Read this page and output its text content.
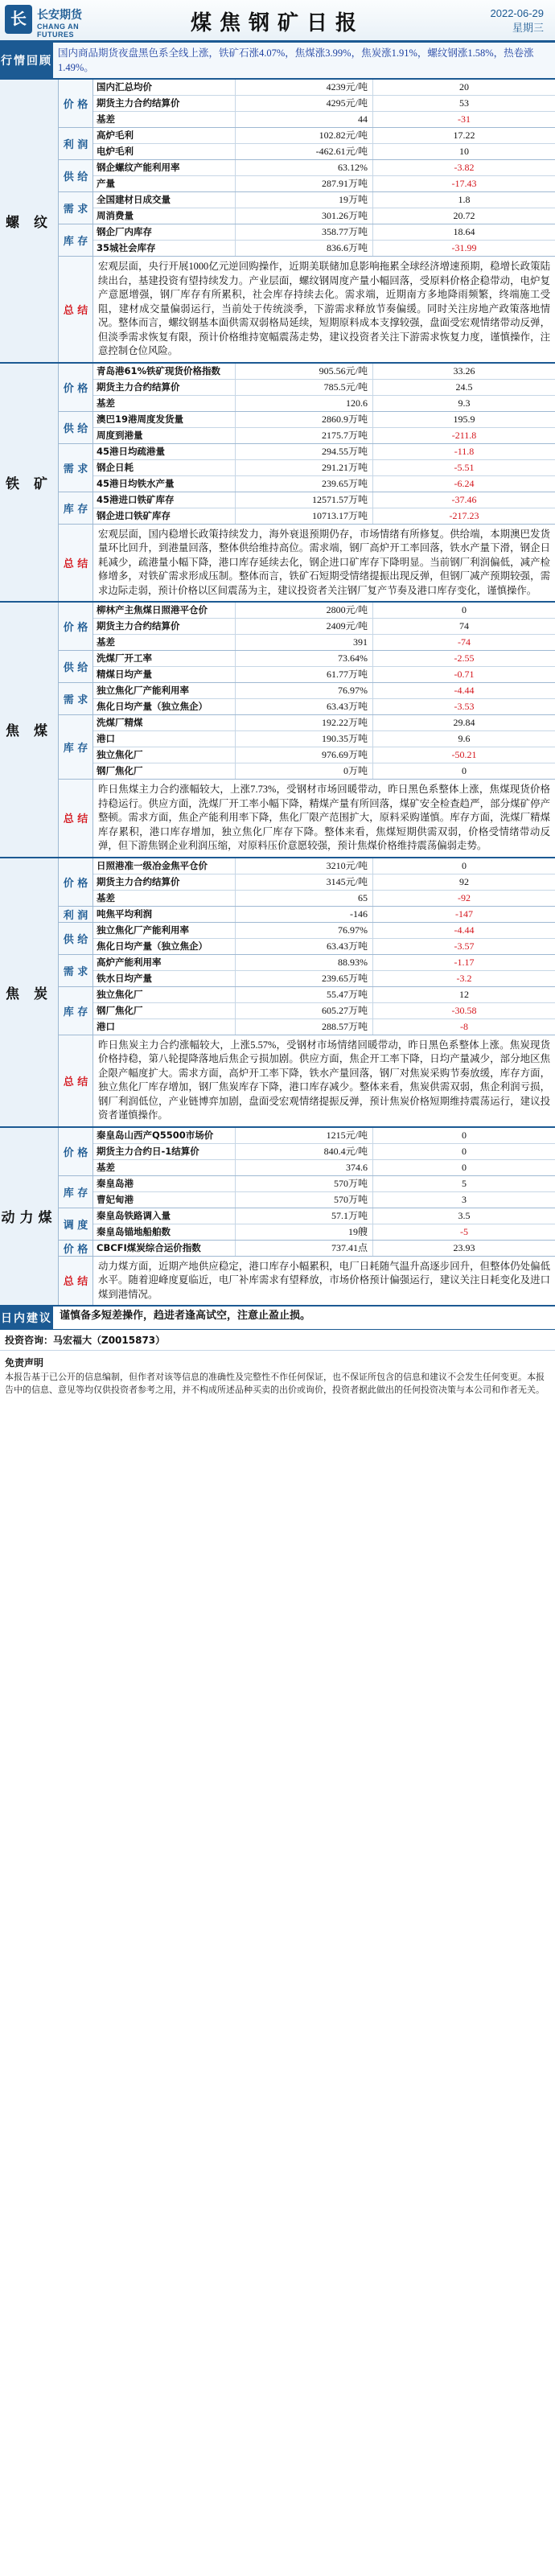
长 长安期货
CHANG AN FUTURES	煤焦钢矿日报	2022-06-29
星期三
行情回顾
国内商品期货夜盘黑色系全线上涨，铁矿石涨4.07%，焦煤涨3.99%，焦炭涨1.91%，螺纹钢涨1.58%，热卷涨1.49%。
螺 纹
价 格
国内汇总均价	4239元/吨	20
期货主力合约结算价	4295元/吨	53
基差	44	-31
利 润
高炉毛利	102.82元/吨	17.22
电炉毛利	-462.61元/吨	10
供 给
钢企螺纹产能利用率	63.12%	-3.82
产量	287.91万吨	-17.43
需 求
全国建材日成交量	19万吨	1.8
周消费量	301.26万吨	20.72
库 存
钢企厂内库存	358.77万吨	18.64
35城社会库存	836.6万吨	-31.99
总 结
宏观层面，央行开展1000亿元逆回购操作，近期美联储加息影响拖累全球经济增速预期，稳增长政策陆续出台，基建投资有望持续发力。产业层面，螺纹钢周度产量小幅回落，受原料价格企稳带动，电炉复产意愿增强，钢厂库存有所累积，社会库存持续去化。需求端，近期南方多地降雨频繁，终端施工受阻，建材成交量偏弱运行，当前处于传统淡季，下游需求释放节奏偏缓。同时关注房地产政策落地情况。整体而言，螺纹钢基本面供需双弱格局延续，短期原料成本支撑较强，盘面受宏观情绪带动反弹，但淡季需求恢复有限，预计价格维持宽幅震荡走势，建议投资者关注下游需求恢复力度，谨慎操作，注意控制仓位风险。
铁 矿
价 格
青岛港61%铁矿现货价格指数	905.56元/吨	33.26
期货主力合约结算价	785.5元/吨	24.5
基差	120.6	9.3
供 给
澳巴19港周度发货量	2860.9万吨	195.9
周度到港量	2175.7万吨	-211.8
需 求
45港日均疏港量	294.55万吨	-11.8
钢企日耗	291.21万吨	-5.51
45港日均铁水产量	239.65万吨	-6.24
库 存
45港进口铁矿库存	12571.57万吨	-37.46
钢企进口铁矿库存	10713.17万吨	-217.23
总 结
宏观层面，国内稳增长政策持续发力，海外衰退预期仍存，市场情绪有所修复。供给端，本期澳巴发货量环比回升，到港量回落，整体供给维持高位。需求端，钢厂高炉开工率回落，铁水产量下滑，钢企日耗减少，疏港量小幅下降，港口库存延续去化，钢企进口矿库存下降明显。当前钢厂利润偏低，减产检修增多，对铁矿需求形成压制。整体而言，铁矿石短期受情绪提振出现反弹，但钢厂减产预期较强，需求边际走弱，预计价格以区间震荡为主，建议投资者关注钢厂复产节奏及港口库存变化，谨慎操作。
焦 煤
价 格
柳林产主焦煤日照港平仓价	2800元/吨	0
期货主力合约结算价	2409元/吨	74
基差	391	-74
供 给
洗煤厂开工率	73.64%	-2.55
精煤日均产量	61.77万吨	-0.71
需 求
独立焦化厂产能利用率	76.97%	-4.44
焦化日均产量（独立焦企）	63.43万吨	-3.53
库 存
洗煤厂精煤	192.22万吨	29.84
港口	190.35万吨	9.6
独立焦化厂	976.69万吨	-50.21
钢厂焦化厂	0万吨	0
总 结
昨日焦煤主力合约涨幅较大，上涨7.73%，受钢材市场回暖带动，昨日黑色系整体上涨，焦煤现货价格持稳运行。供应方面，洗煤厂开工率小幅下降，精煤产量有所回落，煤矿安全检查趋严，部分煤矿停产整顿。需求方面，焦企产能利用率下降，焦化厂限产范围扩大，原料采购谨慎。库存方面，洗煤厂精煤库存累积，港口库存增加，独立焦化厂库存下降。整体来看，焦煤短期供需双弱，价格受情绪带动反弹，但下游焦钢企业利润压缩，对原料压价意愿较强，预计焦煤价格维持震荡偏弱走势。
焦 炭
价 格
日照港准一级冶金焦平仓价	3210元/吨	0
期货主力合约结算价	3145元/吨	92
基差	65	-92
利 润 吨焦平均利润	-146	-147
供 给
独立焦化厂产能利用率	76.97%	-4.44
焦化日均产量（独立焦企）	63.43万吨	-3.57
需 求
高炉产能利用率	88.93%	-1.17
铁水日均产量	239.65万吨	-3.2
库 存
独立焦化厂	55.47万吨	12
钢厂焦化厂	605.27万吨	-30.58
港口	288.57万吨	-8
总 结
昨日焦炭主力合约涨幅较大，上涨5.57%，受钢材市场情绪回暖带动，昨日黑色系整体上涨。焦炭现货价格持稳，第八轮提降落地后焦企亏损加剧。供应方面，焦企开工率下降，日均产量减少，部分地区焦企限产幅度扩大。需求方面，高炉开工率下降，铁水产量回落，钢厂对焦炭采购节奏放缓，库存方面，独立焦化厂库存增加，钢厂焦炭库存下降，港口库存减少。整体来看，焦炭供需双弱，焦企利润亏损，钢厂利润低位，产业链博弈加剧，盘面受宏观情绪提振反弹，预计焦炭价格短期维持震荡运行，建议投资者谨慎操作。
动力煤
价 格
秦皇岛山西产Q5500市场价	1215元/吨	0
期货主力合约日-1结算价	840.4元/吨	0
基差	374.6	0
库 存
秦皇岛港	570万吨	5
曹妃甸港	570万吨	3
调 度
秦皇岛铁路调入量	57.1万吨	3.5
秦皇岛锚地船舶数	19艘	-5
价 格 CBCFI煤炭综合运价指数	737.41点	23.93
总 结
动力煤方面，近期产地供应稳定，港口库存小幅累积，电厂日耗随气温升高逐步回升，但整体仍处偏低水平。随着迎峰度夏临近，电厂补库需求有望释放，市场价格预计偏强运行，建议关注日耗变化及进口煤到港情况。
日内建议 谨慎备多短差操作，趋进者逢高试空，注意止盈止损。
投资咨询：马宏福大（Z0015873）
免责声明
本报告基于已公开的信息编制，但作者对该等信息的准确性及完整性不作任何保证，也不保证所包含的信息和建议不会发生任何变更。本报告中的信息、意见等均仅供投资者参考之用，并不构成所述品种买卖的出价或询价，投资者据此做出的任何投资决策与本公司和作者无关。
